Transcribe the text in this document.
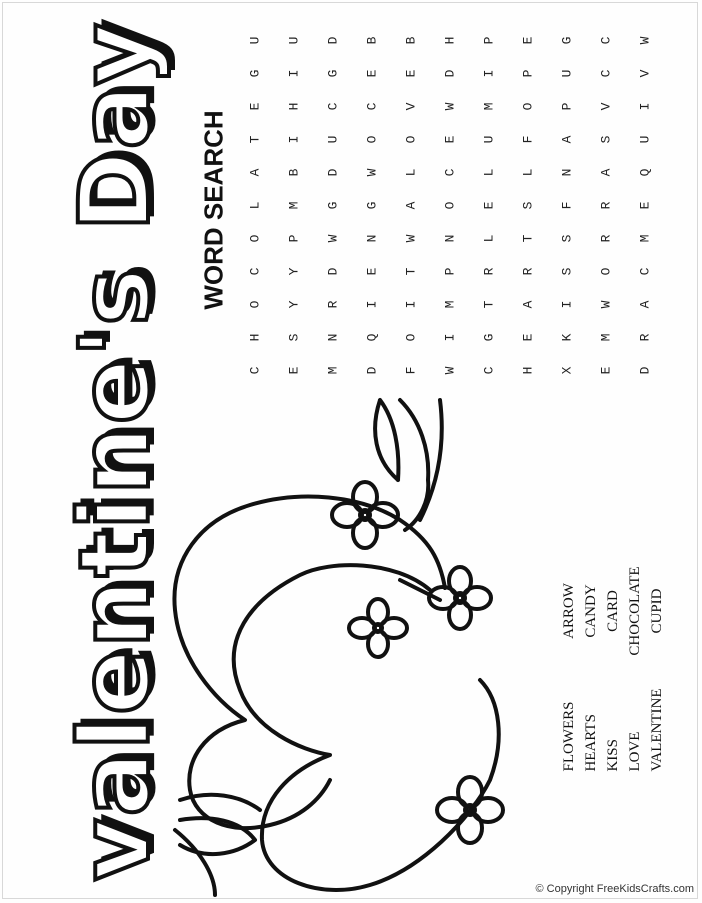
valentine's Day WORD SEARCH
C E M D F W C H X E D
H S N Q O I G E K M R
O Y R I I M T A I W A
C Y D E T P R R S O C
O P W N W N L T S R M
L M G G A O E S F R E
A B D W L C L L N A Q
T I U O O E U F A S U
E H C C V W M O P V I
G I G E E D I P U C V
U U D B B H P E G C W
ARROW CANDY CARD CHOCOLATE CUPID
FLOWERS HEARTS KISS LOVE VALENTINE
© Copyright FreeKidsCrafts.com
